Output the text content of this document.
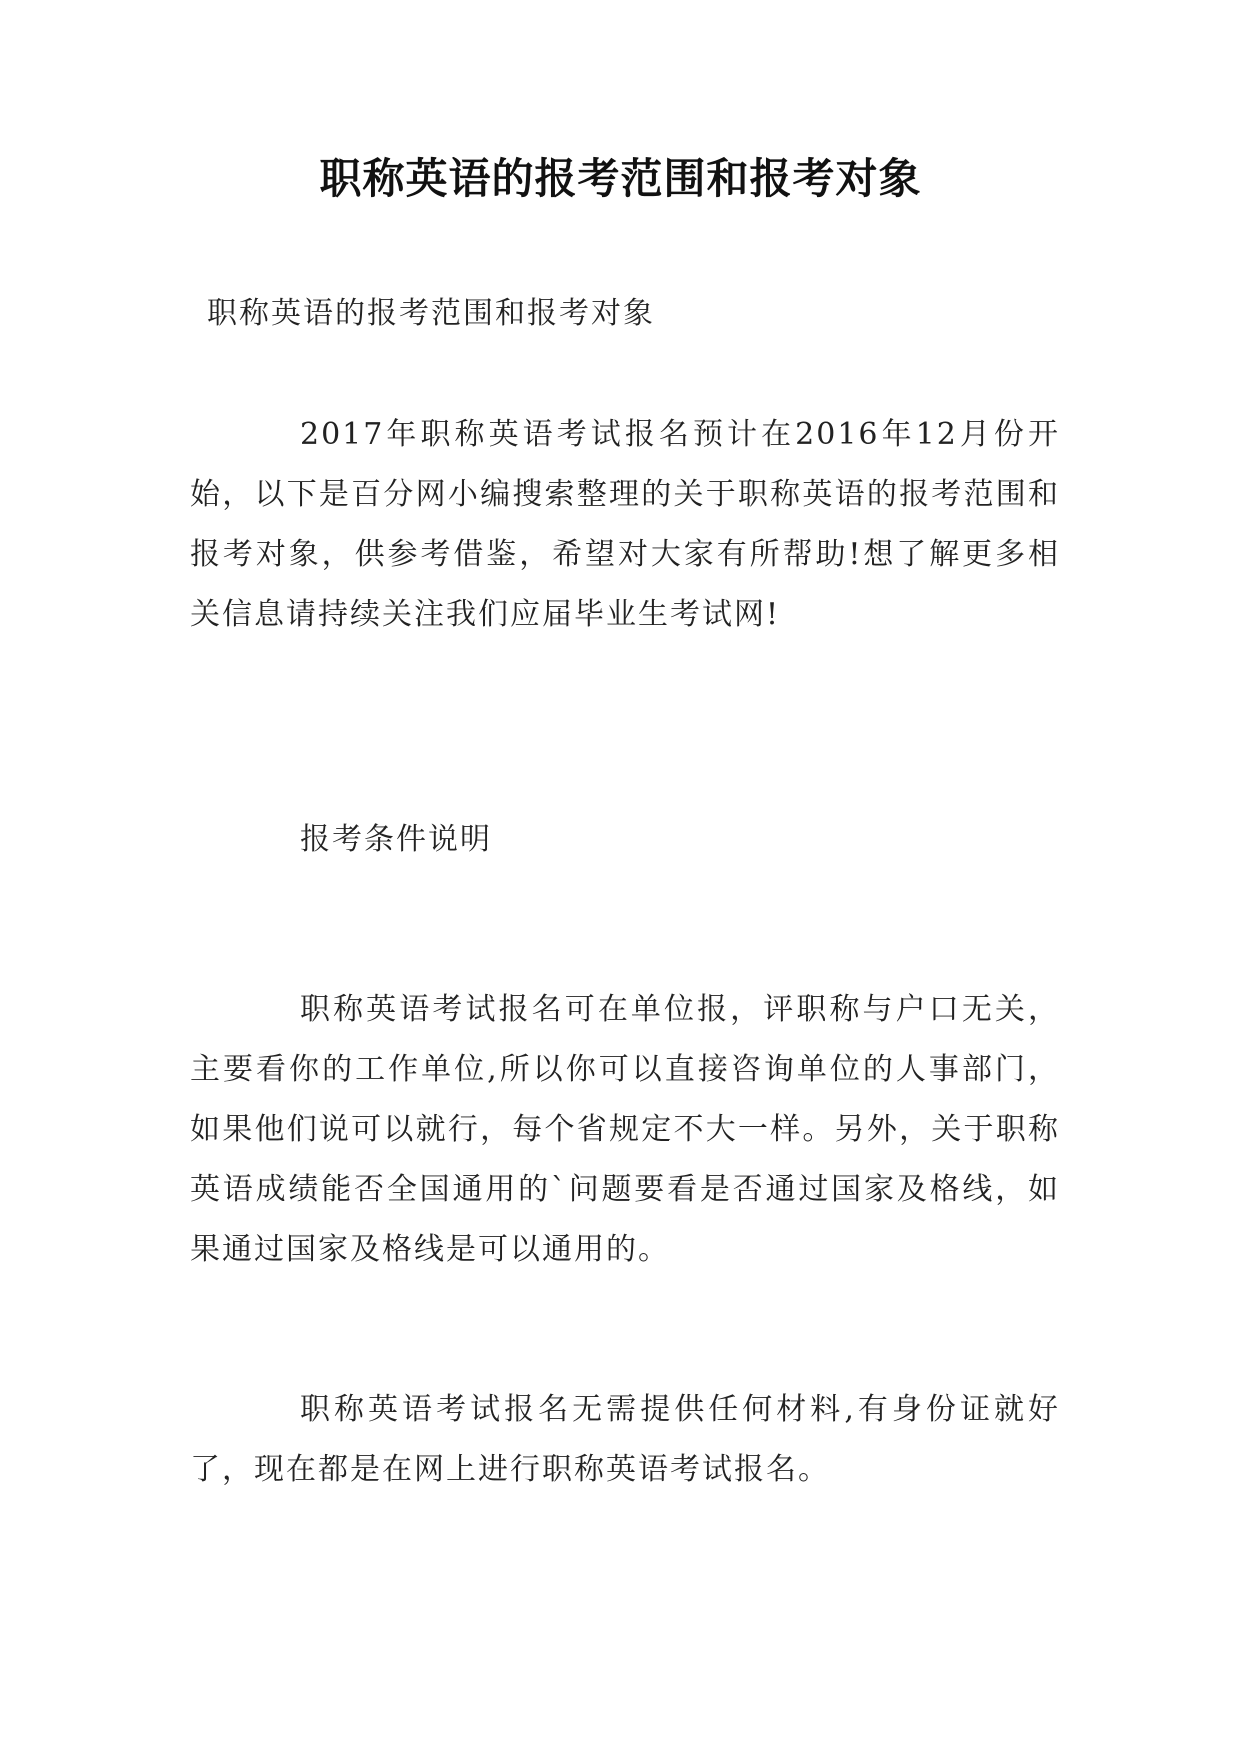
职称英语的报考范围和报考对象
职称英语的报考范围和报考对象
2017年职称英语考试报名预计在2016年12月份开始，以下是百分网小编搜索整理的关于职称英语的报考范围和报考对象，供参考借鉴，希望对大家有所帮助!想了解更多相关信息请持续关注我们应届毕业生考试网!
报考条件说明
职称英语考试报名可在单位报，评职称与户口无关，主要看你的工作单位,所以你可以直接咨询单位的人事部门，如果他们说可以就行，每个省规定不大一样。另外，关于职称英语成绩能否全国通用的`问题要看是否通过国家及格线，如果通过国家及格线是可以通用的。
职称英语考试报名无需提供任何材料,有身份证就好了，现在都是在网上进行职称英语考试报名。
